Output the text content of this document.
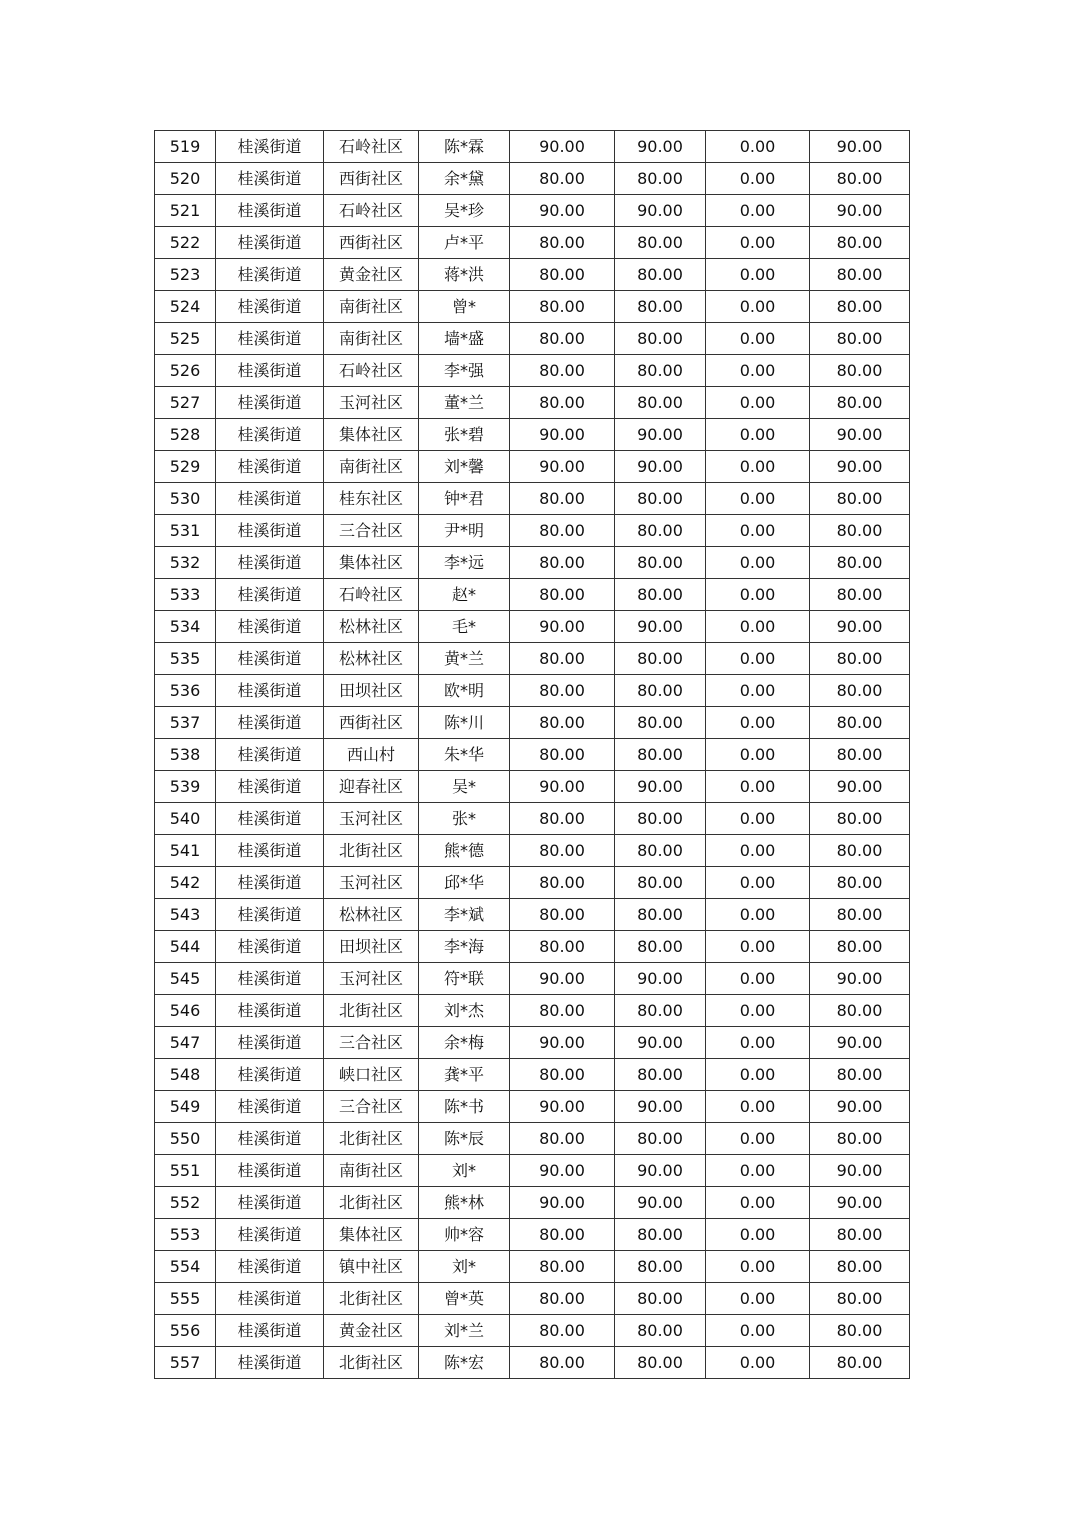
519	桂溪街道	石岭社区	陈*霖	90.00	90.00	0.00	90.00
520	桂溪街道	西街社区	余*黛	80.00	80.00	0.00	80.00
521	桂溪街道	石岭社区	吴*珍	90.00	90.00	0.00	90.00
522	桂溪街道	西街社区	卢*平	80.00	80.00	0.00	80.00
523	桂溪街道	黄金社区	蒋*洪	80.00	80.00	0.00	80.00
524	桂溪街道	南街社区	曾*	80.00	80.00	0.00	80.00
525	桂溪街道	南街社区	墙*盛	80.00	80.00	0.00	80.00
526	桂溪街道	石岭社区	李*强	80.00	80.00	0.00	80.00
527	桂溪街道	玉河社区	董*兰	80.00	80.00	0.00	80.00
528	桂溪街道	集体社区	张*碧	90.00	90.00	0.00	90.00
529	桂溪街道	南街社区	刘*馨	90.00	90.00	0.00	90.00
530	桂溪街道	桂东社区	钟*君	80.00	80.00	0.00	80.00
531	桂溪街道	三合社区	尹*明	80.00	80.00	0.00	80.00
532	桂溪街道	集体社区	李*远	80.00	80.00	0.00	80.00
533	桂溪街道	石岭社区	赵*	80.00	80.00	0.00	80.00
534	桂溪街道	松林社区	毛*	90.00	90.00	0.00	90.00
535	桂溪街道	松林社区	黄*兰	80.00	80.00	0.00	80.00
536	桂溪街道	田坝社区	欧*明	80.00	80.00	0.00	80.00
537	桂溪街道	西街社区	陈*川	80.00	80.00	0.00	80.00
538	桂溪街道	西山村	朱*华	80.00	80.00	0.00	80.00
539	桂溪街道	迎春社区	吴*	90.00	90.00	0.00	90.00
540	桂溪街道	玉河社区	张*	80.00	80.00	0.00	80.00
541	桂溪街道	北街社区	熊*德	80.00	80.00	0.00	80.00
542	桂溪街道	玉河社区	邱*华	80.00	80.00	0.00	80.00
543	桂溪街道	松林社区	李*斌	80.00	80.00	0.00	80.00
544	桂溪街道	田坝社区	李*海	80.00	80.00	0.00	80.00
545	桂溪街道	玉河社区	符*联	90.00	90.00	0.00	90.00
546	桂溪街道	北街社区	刘*杰	80.00	80.00	0.00	80.00
547	桂溪街道	三合社区	余*梅	90.00	90.00	0.00	90.00
548	桂溪街道	峡口社区	龚*平	80.00	80.00	0.00	80.00
549	桂溪街道	三合社区	陈*书	90.00	90.00	0.00	90.00
550	桂溪街道	北街社区	陈*辰	80.00	80.00	0.00	80.00
551	桂溪街道	南街社区	刘*	90.00	90.00	0.00	90.00
552	桂溪街道	北街社区	熊*林	90.00	90.00	0.00	90.00
553	桂溪街道	集体社区	帅*容	80.00	80.00	0.00	80.00
554	桂溪街道	镇中社区	刘*	80.00	80.00	0.00	80.00
555	桂溪街道	北街社区	曾*英	80.00	80.00	0.00	80.00
556	桂溪街道	黄金社区	刘*兰	80.00	80.00	0.00	80.00
557	桂溪街道	北街社区	陈*宏	80.00	80.00	0.00	80.00
